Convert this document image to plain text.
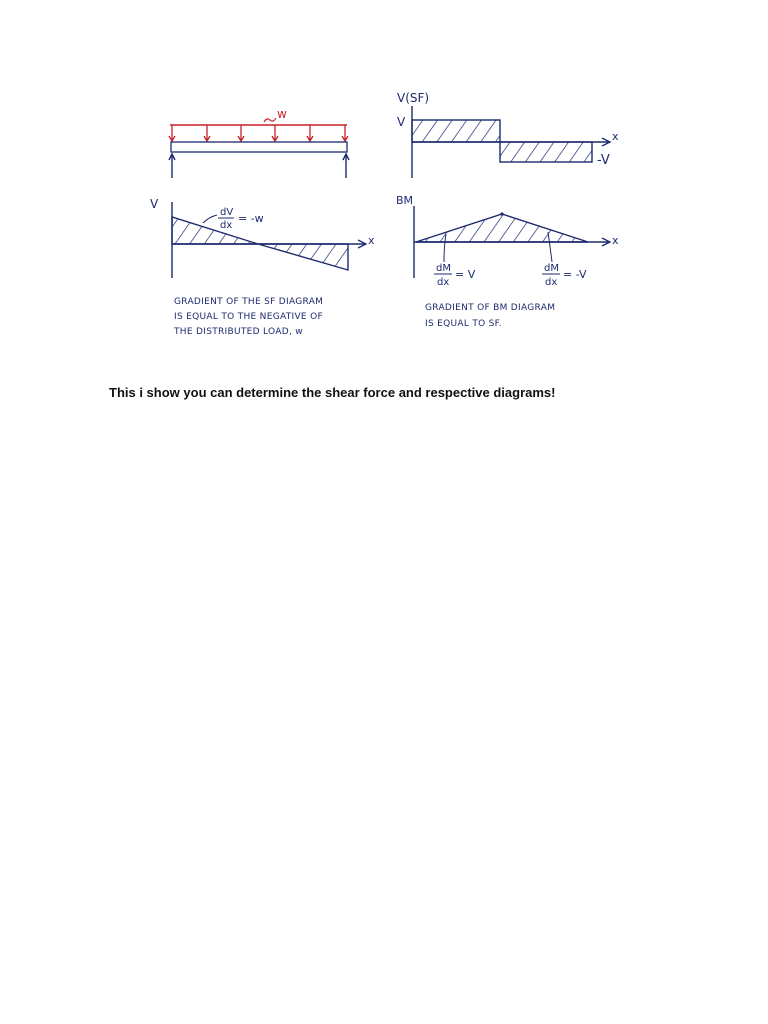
w
V(SF)
V
-V
x
V
x
dV
dx
= -w
GRADIENT OF THE SF DIAGRAM
IS EQUAL TO THE NEGATIVE OF
THE DISTRIBUTED LOAD, w
BM
x
dM
dx
= V	dM
dx
= -V
GRADIENT OF BM DIAGRAM
IS EQUAL TO SF.
This i show you can determine the shear force and respective diagrams!
